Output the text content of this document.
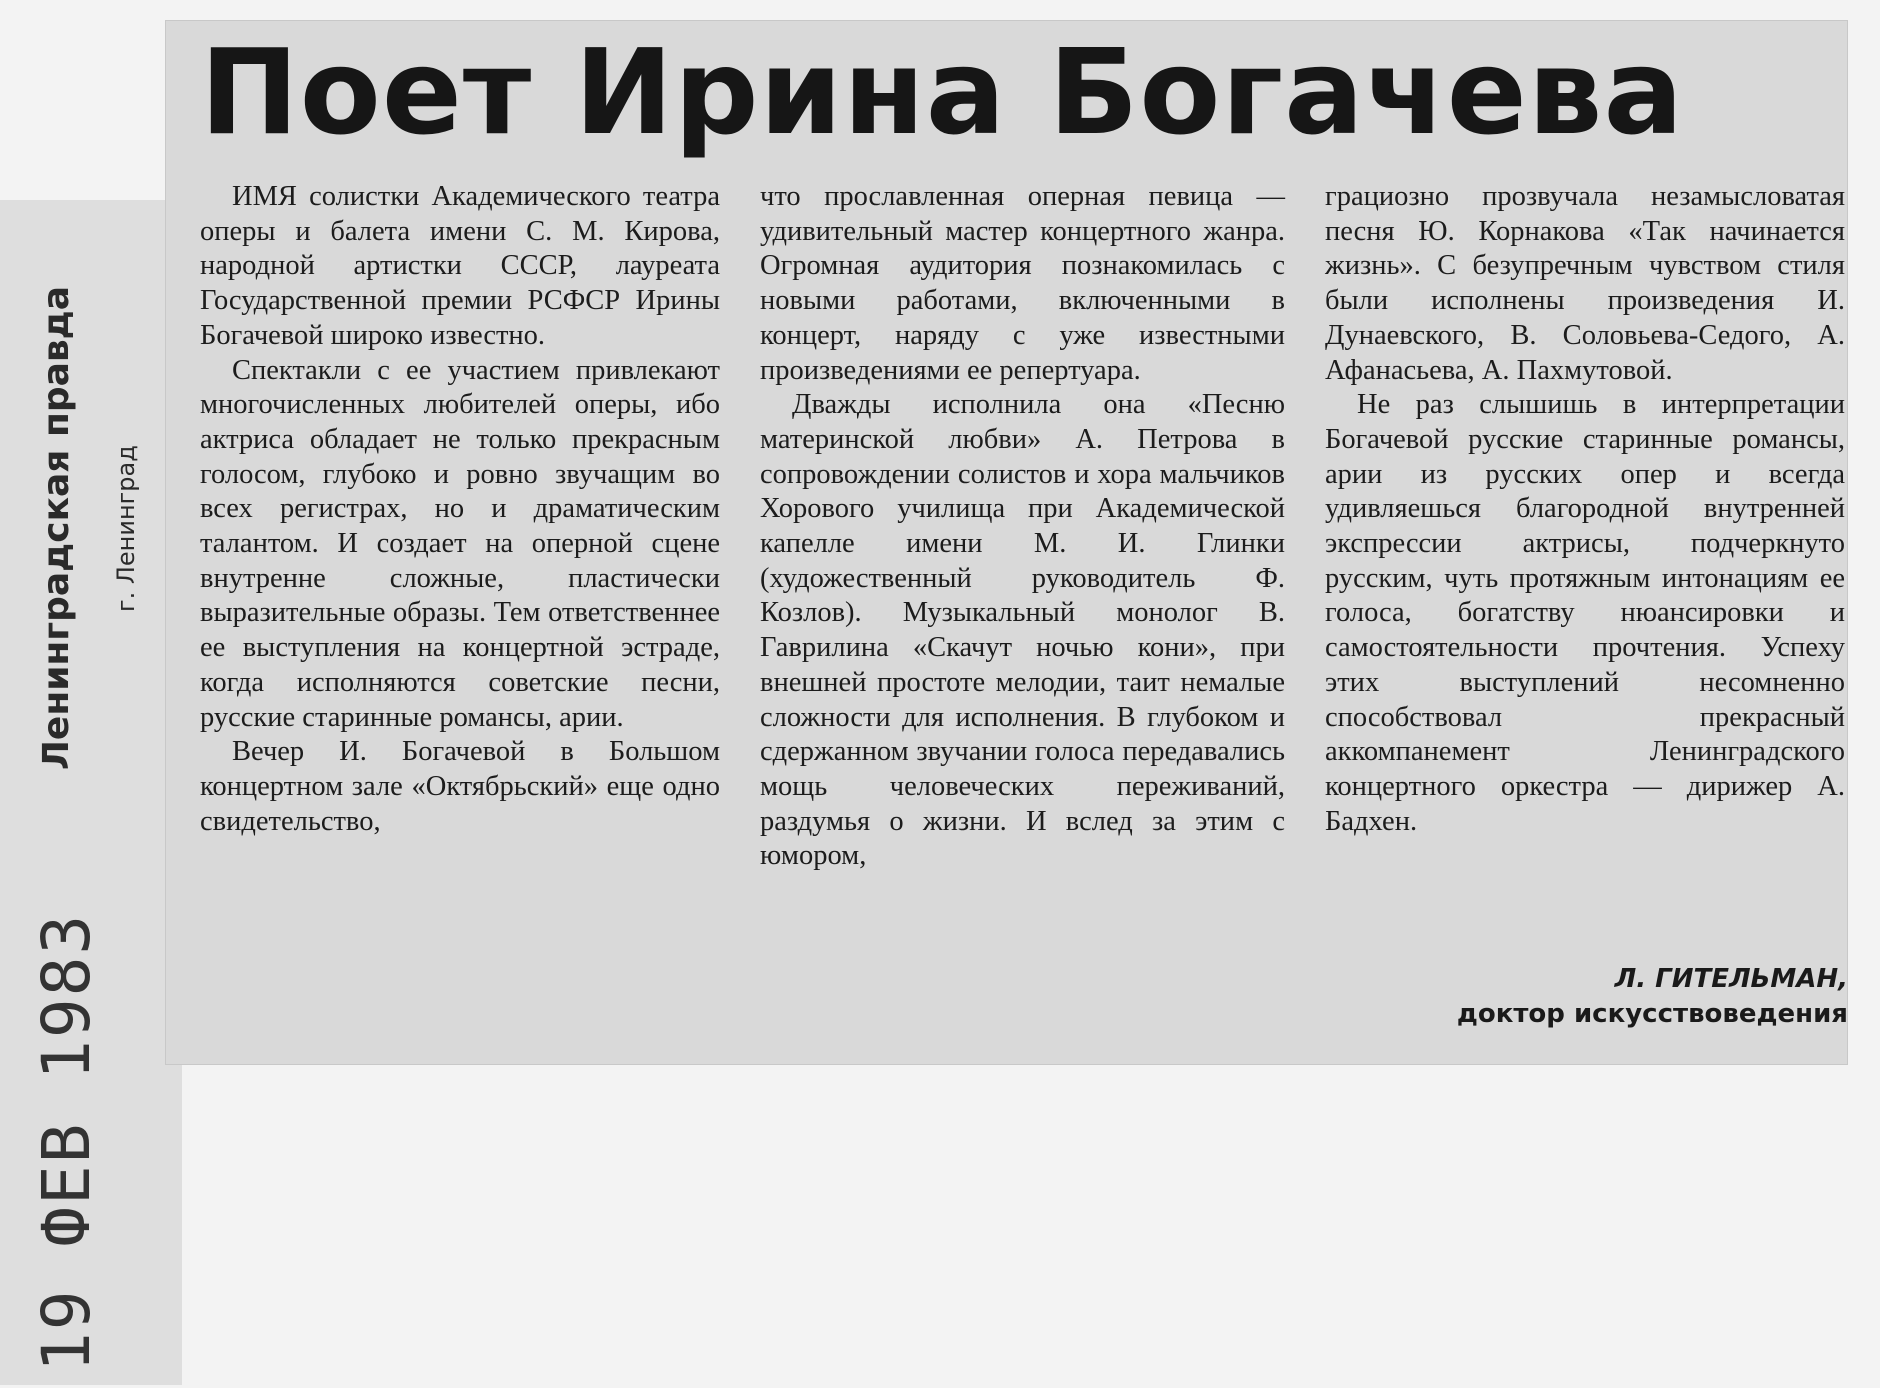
Ленинградская правда г. Ленинград
19 ФЕВ 1983
Поет Ирина Богачева

ИМЯ солистки Академического театра оперы и балета имени С. М. Кирова, народной артистки СССР, лауреата Государственной премии РСФСР Ирины Богачевой широко известно.

Спектакли с ее участием привлекают многочисленных любителей оперы, ибо актриса обладает не только прекрасным голосом, глубоко и ровно звучащим во всех регистрах, но и драматическим талантом. И создает на оперной сцене внутренне сложные, пластически выразительные образы. Тем ответственнее ее выступления на концертной эстраде, когда исполняются советские песни, русские старинные романсы, арии.

Вечер И. Богачевой в Большом концертном зале «Октябрьский» еще одно свидетельство,

что прославленная оперная певица — удивительный мастер концертного жанра. Огромная аудитория познакомилась с новыми работами, включенными в концерт, наряду с уже известными произведениями ее репертуара.

Дважды исполнила она «Песню материнской любви» А. Петрова в сопровождении солистов и хора мальчиков Хорового училища при Академической капелле имени М. И. Глинки (художественный руководитель Ф. Козлов). Музыкальный монолог В. Гаврилина «Скачут ночью кони», при внешней простоте мелодии, таит немалые сложности для исполнения. В глубоком и сдержанном звучании голоса передавались мощь человеческих переживаний, раздумья о жизни. И вслед за этим с юмором,

грациозно прозвучала незамысловатая песня Ю. Корнакова «Так начинается жизнь». С безупречным чувством стиля были исполнены произведения И. Дунаевского, В. Соловьева-Седого, А. Афанасьева, А. Пахмутовой.

Не раз слышишь в интерпретации Богачевой русские старинные романсы, арии из русских опер и всегда удивляешься благородной внутренней экспрессии актрисы, подчеркнуто русским, чуть протяжным интонациям ее голоса, богатству нюансировки и самостоятельности прочтения. Успеху этих выступлений несомненно способствовал прекрасный аккомпанемент Ленинградского концертного оркестра — дирижер А. Бадхен.

Л. ГИТЕЛЬМАН,
доктор искусствоведения
